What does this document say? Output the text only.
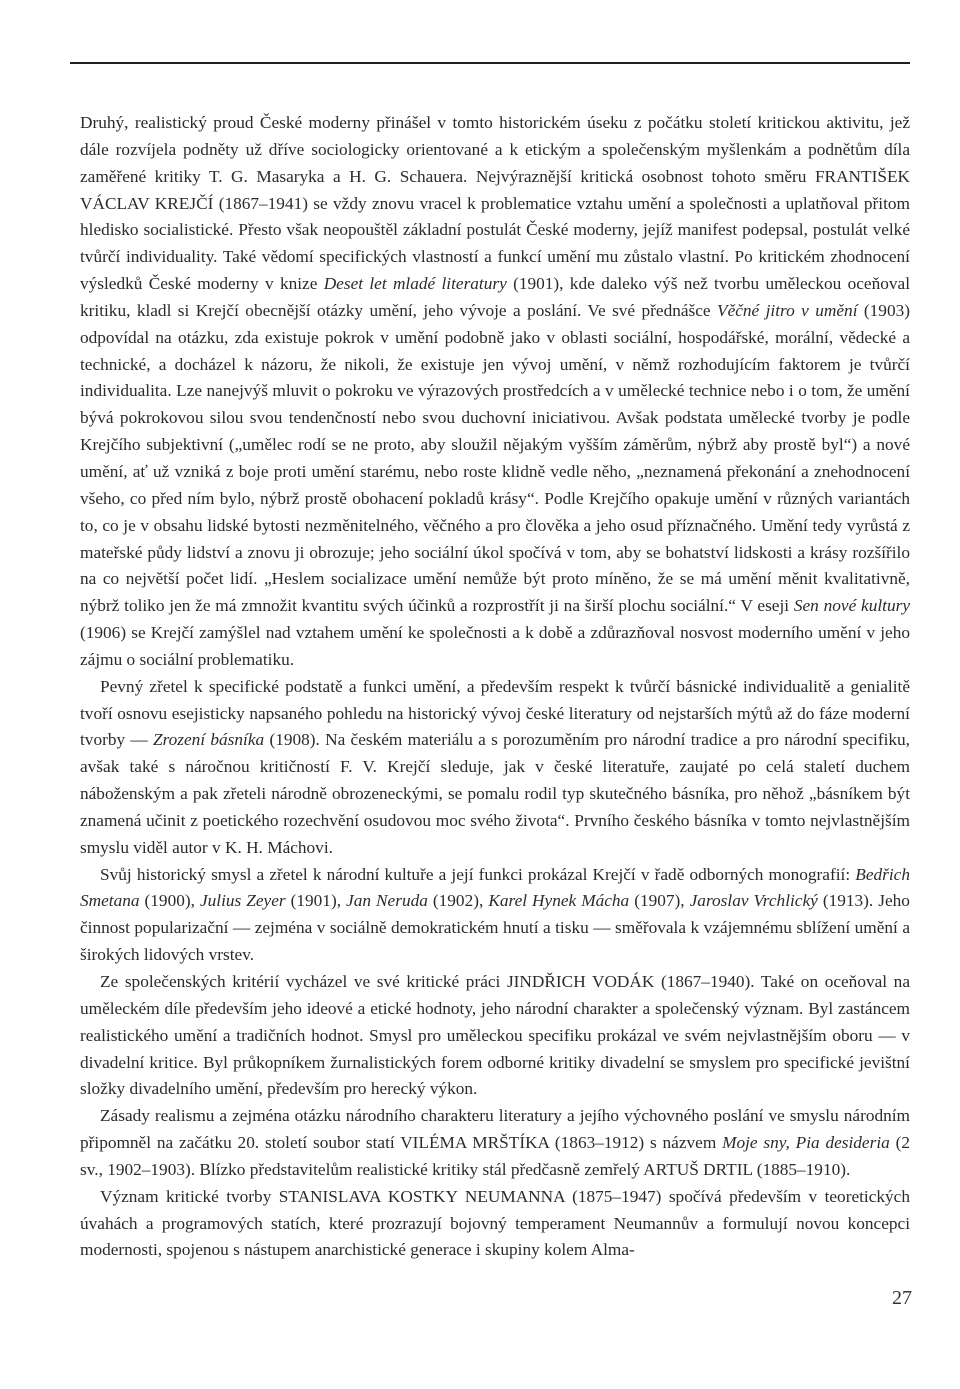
Druhý, realistický proud České moderny přinášel v tomto historickém úseku z počátku století kritickou aktivitu, jež dále rozvíjela podněty už dříve sociologicky orientované a k etickým a společenským myšlenkám a podnětům díla zaměřené kritiky T. G. Masaryka a H. G. Schauera. Nejvýraznější kritická osobnost tohoto směru FRANTIŠEK VÁCLAV KREJČÍ (1867–1941) se vždy znovu vracel k problematice vztahu umění a společnosti a uplatňoval přitom hledisko socialistické. Přesto však neopouštěl základní postulát České moderny, jejíž manifest podepsal, postulát velké tvůrčí individuality. Také vědomí specifických vlastností a funkcí umění mu zůstalo vlastní. Po kritickém zhodnocení výsledků České moderny v knize Deset let mladé literatury (1901), kde daleko výš než tvorbu uměleckou oceňoval kritiku, kladl si Krejčí obecnější otázky umění, jeho vývoje a poslání. Ve své přednášce Věčné jitro v umění (1903) odpovídal na otázku, zda existuje pokrok v umění podobně jako v oblasti sociální, hospodářské, morální, vědecké a technické, a docházel k názoru, že nikoli, že existuje jen vývoj umění, v němž rozhodujícím faktorem je tvůrčí individualita. Lze nanejvýš mluvit o pokroku ve výrazových prostředcích a v umělecké technice nebo i o tom, že umění bývá pokrokovou silou svou tendenčností nebo svou duchovní iniciativou. Avšak podstata umělecké tvorby je podle Krejčího subjektivní („umělec rodí se ne proto, aby sloužil nějakým vyšším záměrům, nýbrž aby prostě byl“) a nové umění, ať už vzniká z boje proti umění starému, nebo roste klidně vedle něho, „neznamená překonání a znehodnocení všeho, co před ním bylo, nýbrž prostě obohacení pokladů krásy“. Podle Krejčího opakuje umění v různých variantách to, co je v obsahu lidské bytosti nezměnitelného, věčného a pro člověka a jeho osud příznačného. Umění tedy vyrůstá z mateřské půdy lidství a znovu ji obrozuje; jeho sociální úkol spočívá v tom, aby se bohatství lidskosti a krásy rozšířilo na co největší počet lidí. „Heslem socializace umění nemůže být proto míněno, že se má umění měnit kvalitativně, nýbrž toliko jen že má zmnožit kvantitu svých účinků a rozprostřít ji na širší plochu sociální.“ V eseji Sen nové kultury (1906) se Krejčí zamýšlel nad vztahem umění ke společnosti a k době a zdůrazňoval nosvost moderního umění v jeho zájmu o sociální problematiku.

Pevný zřetel k specifické podstatě a funkci umění, a především respekt k tvůrčí básnické individualitě a genialitě tvoří osnovu esejisticky napsaného pohledu na historický vývoj české literatury od nejstarších mýtů až do fáze moderní tvorby — Zrození básníka (1908). Na českém materiálu a s porozuměním pro národní tradice a pro národní specifiku, avšak také s náročnou kritičností F. V. Krejčí sleduje, jak v české literatuře, zaujaté po celá staletí duchem náboženským a pak zřeteli národně obrozeneckými, se pomalu rodil typ skutečného básníka, pro něhož „básníkem být znamená učinit z poetického rozechvění osudovou moc svého života“. Prvního českého básníka v tomto nejvlastnějším smyslu viděl autor v K. H. Máchovi.

Svůj historický smysl a zřetel k národní kultuře a její funkci prokázal Krejčí v řadě odborných monografií: Bedřich Smetana (1900), Julius Zeyer (1901), Jan Neruda (1902), Karel Hynek Mácha (1907), Jaroslav Vrchlický (1913). Jeho činnost popularizační — zejména v sociálně demokratickém hnutí a tisku — směřovala k vzájemnému sblížení umění a širokých lidových vrstev.

Ze společenských kritérií vycházel ve své kritické práci JINDŘICH VODÁK (1867–1940). Také on oceňoval na uměleckém díle především jeho ideové a etické hodnoty, jeho národní charakter a společenský význam. Byl zastáncem realistického umění a tradičních hodnot. Smysl pro uměleckou specifiku prokázal ve svém nejvlastnějším oboru — v divadelní kritice. Byl průkopníkem žurnalistických forem odborné kritiky divadelní se smyslem pro specifické jevištní složky divadelního umění, především pro herecký výkon.

Zásady realismu a zejména otázku národního charakteru literatury a jejího výchovného poslání ve smyslu národním připomněl na začátku 20. století soubor statí VILÉMA MRŠTÍKA (1863–1912) s názvem Moje sny, Pia desideria (2 sv., 1902–1903). Blízko představitelům realistické kritiky stál předčasně zemřelý ARTUŠ DRTIL (1885–1910).

Význam kritické tvorby STANISLAVA KOSTKY NEUMANNA (1875–1947) spočívá především v teoretických úvahách a programových statích, které prozrazují bojovný temperament Neumannův a formulují novou koncepci modernosti, spojenou s nástupem anarchistické generace i skupiny kolem Alma-

27
